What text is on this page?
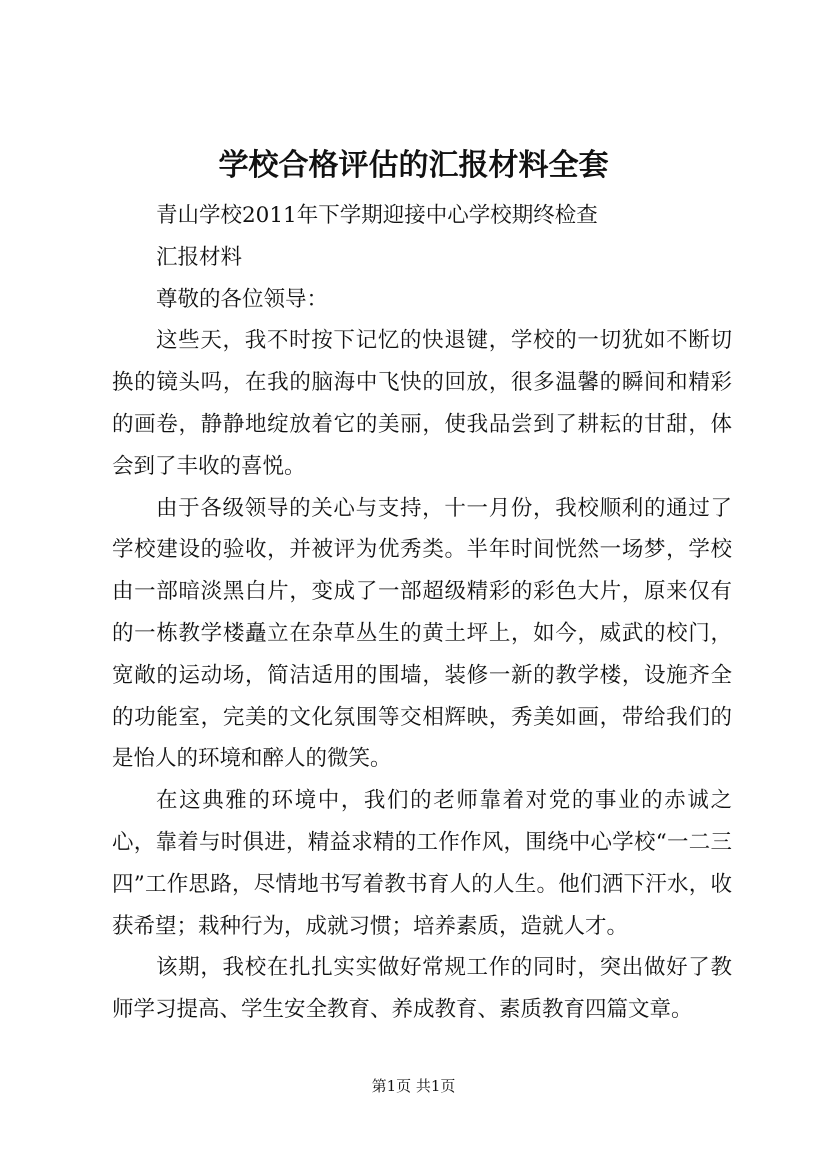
学校合格评估的汇报材料全套

青山学校2011年下学期迎接中心学校期终检查

汇报材料

尊敬的各位领导：

这些天，我不时按下记忆的快退键，学校的一切犹如不断切换的镜头吗，在我的脑海中飞快的回放，很多温馨的瞬间和精彩的画卷，静静地绽放着它的美丽，使我品尝到了耕耘的甘甜，体会到了丰收的喜悦。

由于各级领导的关心与支持，十一月份，我校顺利的通过了学校建设的验收，并被评为优秀类。半年时间恍然一场梦，学校由一部暗淡黑白片，变成了一部超级精彩的彩色大片，原来仅有的一栋教学楼矗立在杂草丛生的黄土坪上，如今，威武的校门，宽敞的运动场，简洁适用的围墙，装修一新的教学楼，设施齐全的功能室，完美的文化氛围等交相辉映，秀美如画，带给我们的是怡人的环境和醉人的微笑。

在这典雅的环境中，我们的老师靠着对党的事业的赤诚之心，靠着与时俱进，精益求精的工作作风，围绕中心学校“一二三四”工作思路，尽情地书写着教书育人的人生。他们洒下汗水，收获希望；栽种行为，成就习惯；培养素质，造就人才。

该期，我校在扎扎实实做好常规工作的同时，突出做好了教师学习提高、学生安全教育、养成教育、素质教育四篇文章。

第1页 共1页
